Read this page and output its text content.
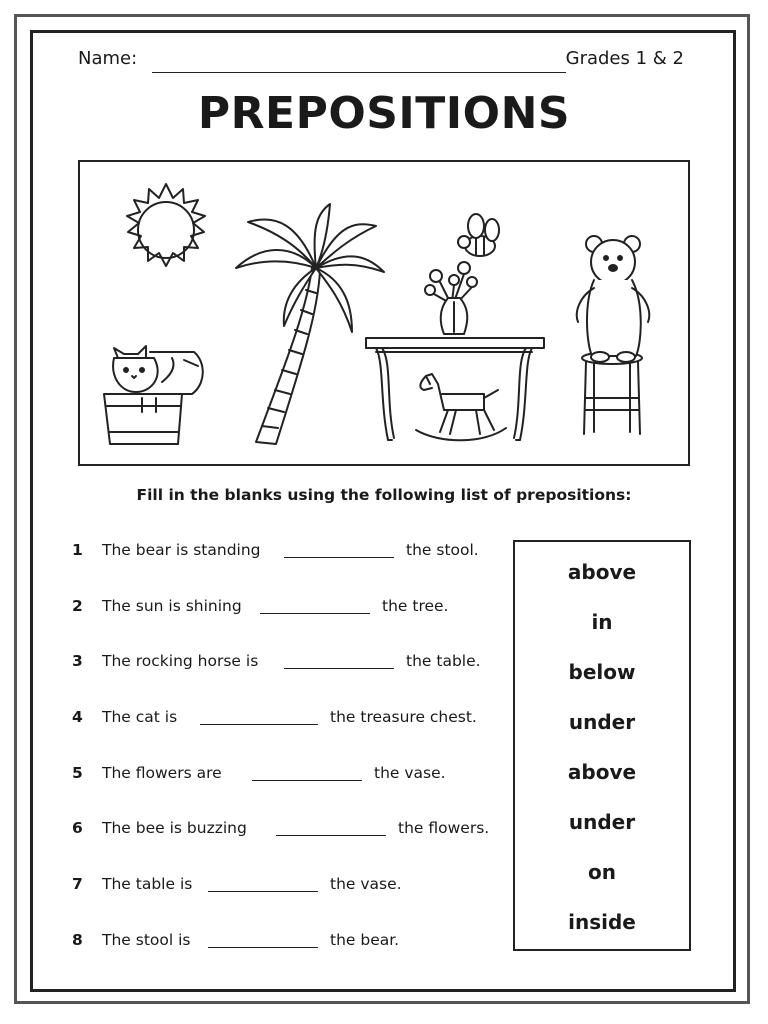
Name:	Grades 1 & 2
PREPOSITIONS
Fill in the blanks using the following list of prepositions:
1	The bear is standing	the stool.
2	The sun is shining	the tree.
3	The rocking horse is	the table.
4	The cat is	the treasure chest.
5	The flowers are	the vase.
6	The bee is buzzing	the flowers.
7	The table is	the vase.
8	The stool is	the bear.
above
in
below
under
above
under
on
inside
